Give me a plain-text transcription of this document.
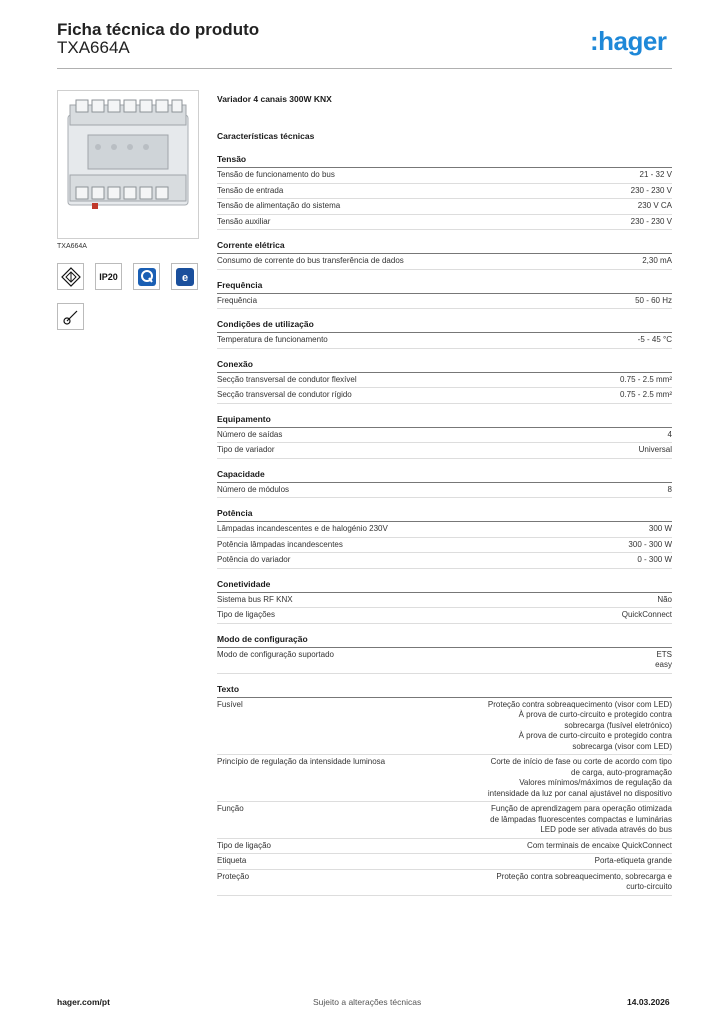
Ficha técnica do produto
TXA664A	:hager
TXA664A
IP20	e
Variador 4 canais 300W KNX
Características técnicas
Tensão
Tensão de funcionamento do bus	21 - 32 V
Tensão de entrada	230 - 230 V
Tensão de alimentação do sistema	230 V CA
Tensão auxiliar	230 - 230 V
Corrente elétrica
Consumo de corrente do bus transferência de dados	2,30 mA
Frequência
Frequência	50 - 60 Hz
Condições de utilização
Temperatura de funcionamento	-5 - 45 °C
Conexão
Secção transversal de condutor flexível	0.75 - 2.5 mm²
Secção transversal de condutor rígido	0.75 - 2.5 mm²
Equipamento
Número de saídas	4
Tipo de variador	Universal
Capacidade
Número de módulos	8
Potência
Lâmpadas incandescentes e de halogénio 230V	300 W
Potência lâmpadas incandescentes	300 - 300 W
Potência do variador	0 - 300 W
Conetividade
Sistema bus RF KNX	Não
Tipo de ligações	QuickConnect
Modo de configuração
Modo de configuração suportado	ETS
easy
Texto
Fusível	Proteção contra sobreaquecimento (visor com LED)
À prova de curto-circuito e protegido contra
sobrecarga (fusível eletrónico)
À prova de curto-circuito e protegido contra
sobrecarga (visor com LED)
Princípio de regulação da intensidade luminosa	Corte de início de fase ou corte de acordo com tipo
de carga, auto-programação
Valores mínimos/máximos de regulação da
intensidade da luz por canal ajustável no dispositivo
Função	Função de aprendizagem para operação otimizada
de lâmpadas fluorescentes compactas e luminárias
LED pode ser ativada através do bus
Tipo de ligação	Com terminais de encaixe QuickConnect
Etiqueta	Porta-etiqueta grande
Proteção	Proteção contra sobreaquecimento, sobrecarga e
curto-circuito
hager.com/pt	Sujeito a alterações técnicas	14.03.2026
